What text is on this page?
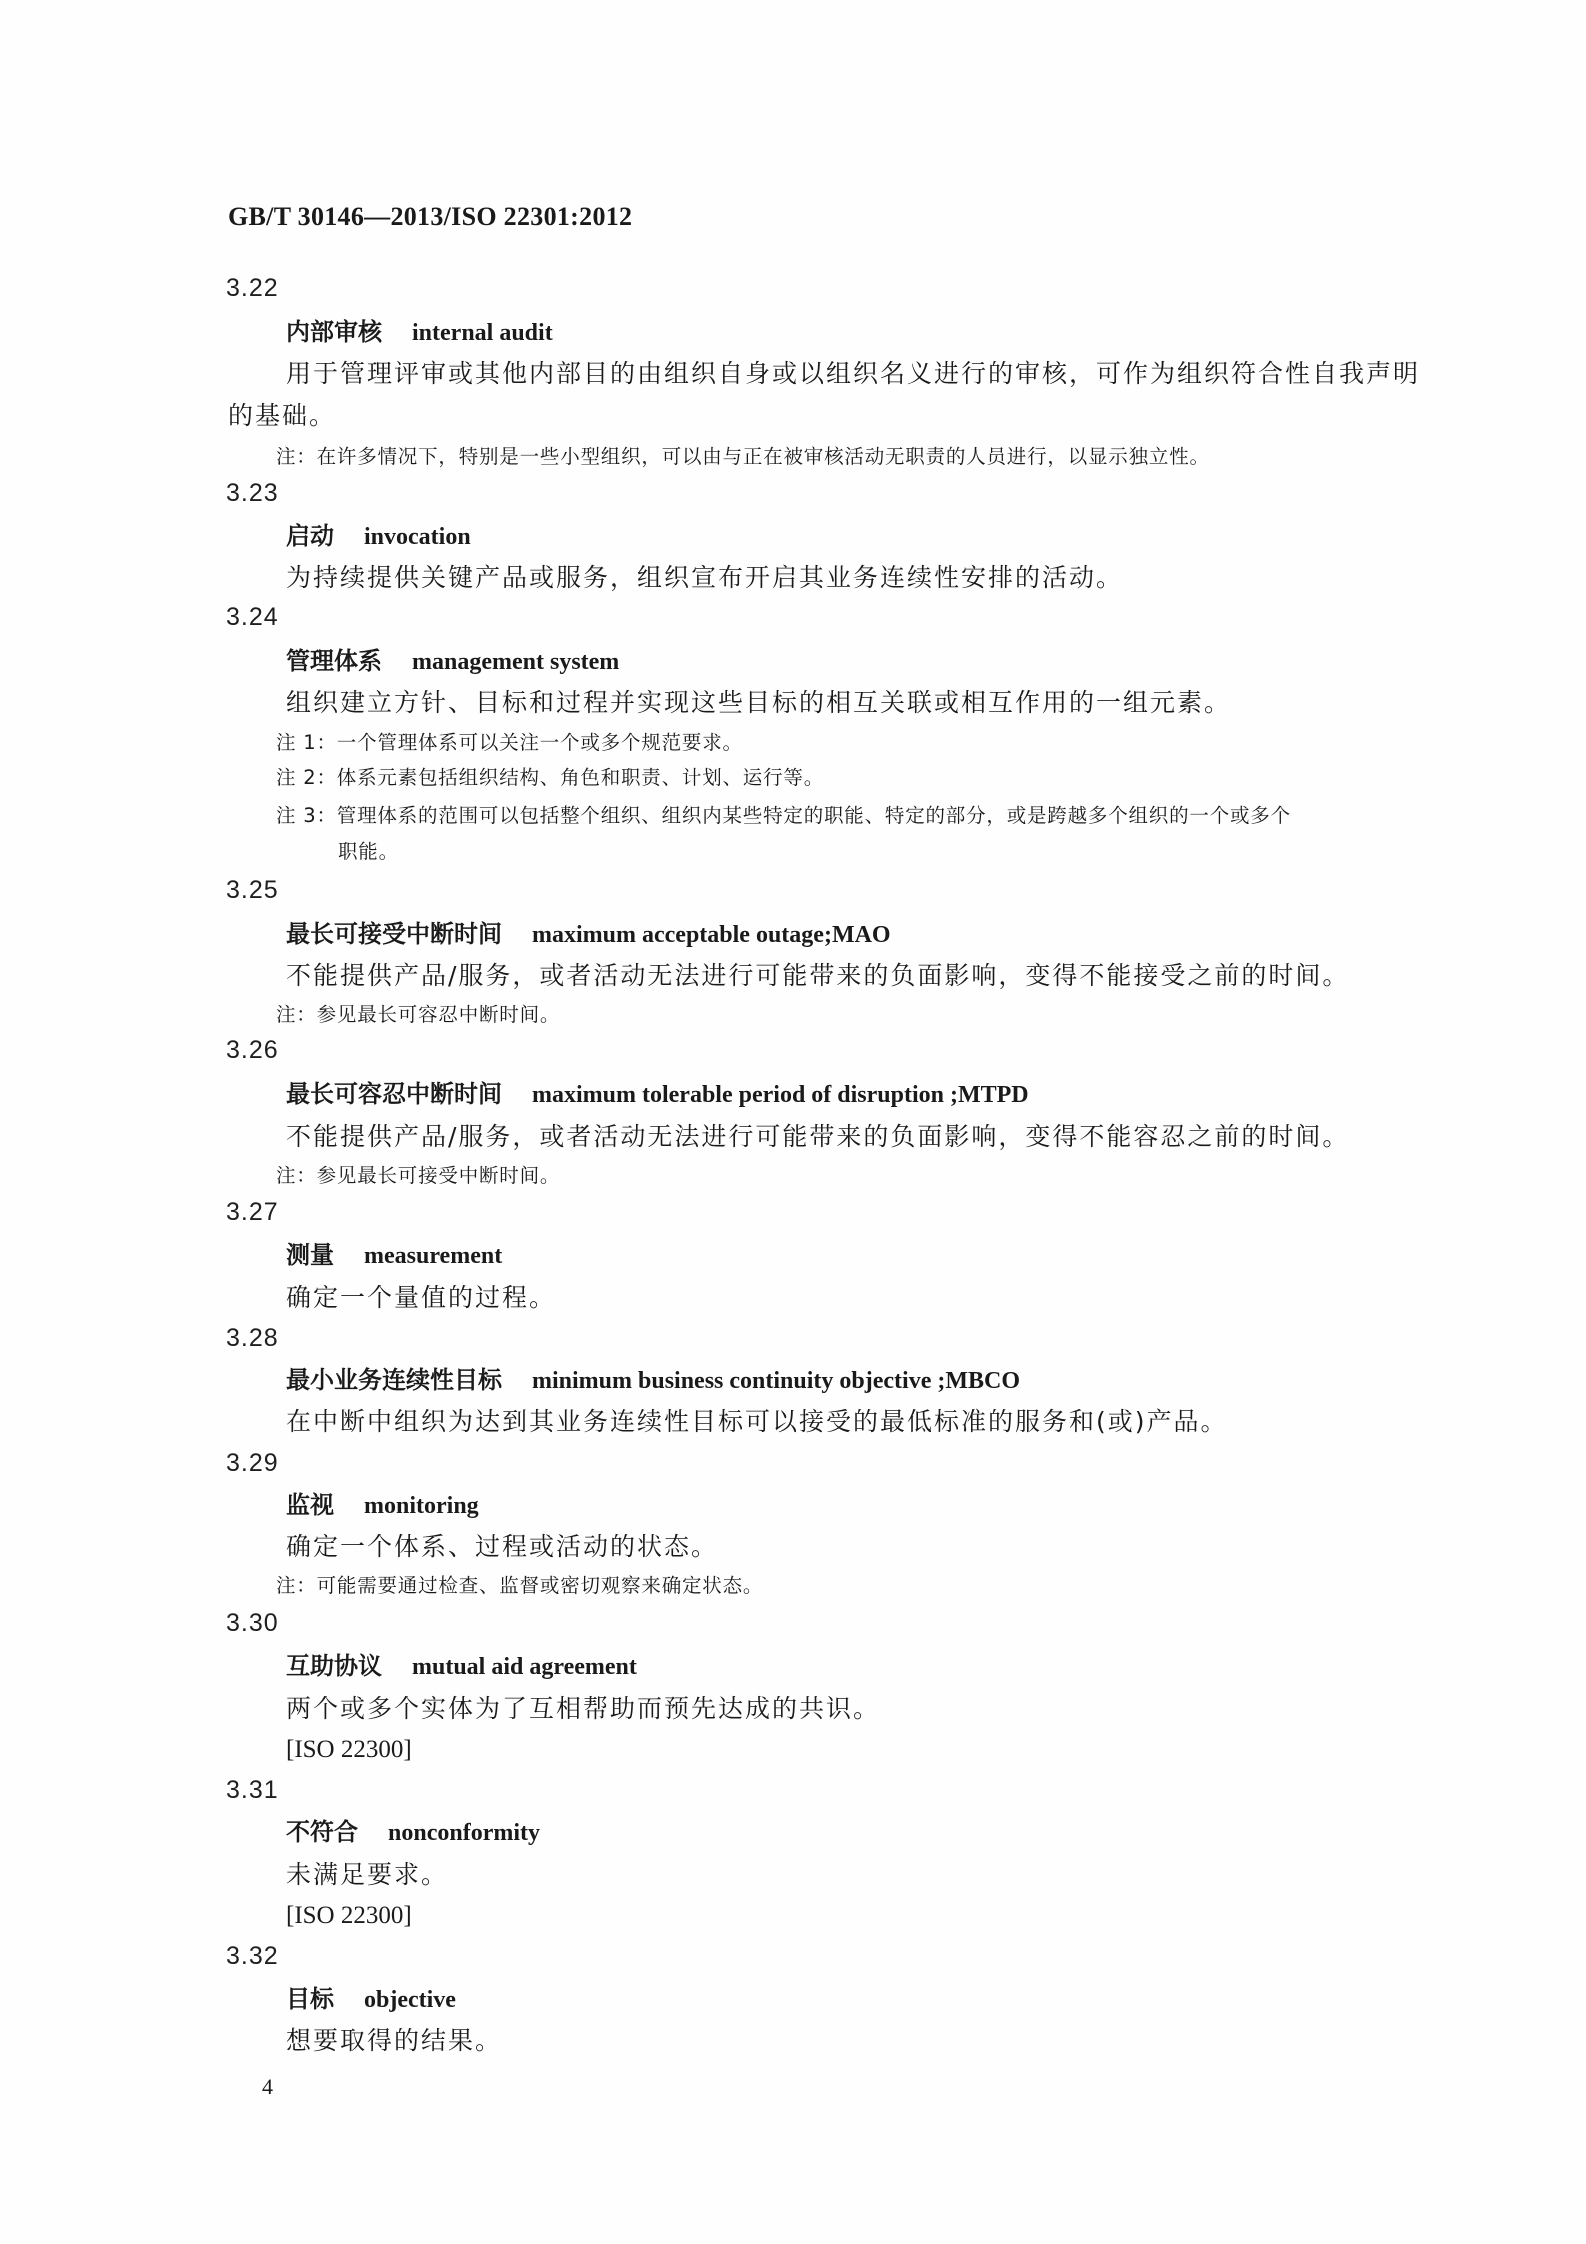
GB/T 30146—2013/ISO 22301:2012
3.22
内部审核 internal audit
用于管理评审或其他内部目的由组织自身或以组织名义进行的审核，可作为组织符合性自我声明
的基础。
注：在许多情况下，特别是一些小型组织，可以由与正在被审核活动无职责的人员进行，以显示独立性。
3.23
启动 invocation
为持续提供关键产品或服务，组织宣布开启其业务连续性安排的活动。
3.24
管理体系 management system
组织建立方针、目标和过程并实现这些目标的相互关联或相互作用的一组元素。
注 1：一个管理体系可以关注一个或多个规范要求。
注 2：体系元素包括组织结构、角色和职责、计划、运行等。
注 3：管理体系的范围可以包括整个组织、组织内某些特定的职能、特定的部分，或是跨越多个组织的一个或多个
职能。
3.25
最长可接受中断时间 maximum acceptable outage;MAO
不能提供产品/服务，或者活动无法进行可能带来的负面影响，变得不能接受之前的时间。
注：参见最长可容忍中断时间。
3.26
最长可容忍中断时间 maximum tolerable period of disruption ;MTPD
不能提供产品/服务，或者活动无法进行可能带来的负面影响，变得不能容忍之前的时间。
注：参见最长可接受中断时间。
3.27
测量 measurement
确定一个量值的过程。
3.28
最小业务连续性目标 minimum business continuity objective ;MBCO
在中断中组织为达到其业务连续性目标可以接受的最低标准的服务和(或)产品。
3.29
监视 monitoring
确定一个体系、过程或活动的状态。
注：可能需要通过检查、监督或密切观察来确定状态。
3.30
互助协议 mutual aid agreement
两个或多个实体为了互相帮助而预先达成的共识。
[ISO 22300]
3.31
不符合 nonconformity
未满足要求。
[ISO 22300]
3.32
目标 objective
想要取得的结果。
4
